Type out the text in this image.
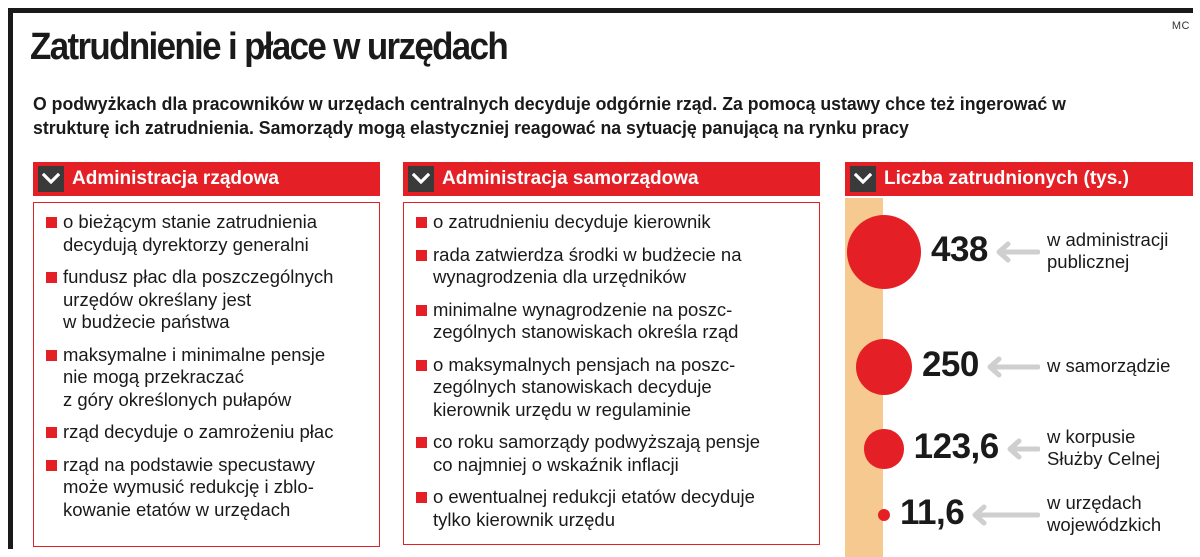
MC
Zatrudnienie i płace w urzędach

O podwyżkach dla pracowników w urzędach centralnych decyduje odgórnie rząd. Za pomocą ustawy chce też ingerować w strukturę ich zatrudnienia. Samorządy mogą elastyczniej reagować na sytuację panującą na rynku pracy

Administracja rządowa
o bieżącym stanie zatrudnienia
decydują dyrektorzy generalni
fundusz płac dla poszczególnych
urzędów określany jest
w budżecie państwa
maksymalne i minimalne pensje
nie mogą przekraczać
z góry określonych pułapów
rząd decyduje o zamrożeniu płac
rząd na podstawie specustawy
może wymusić redukcję i zblo-
kowanie etatów w urzędach
Administracja samorządowa
o zatrudnieniu decyduje kierownik
rada zatwierdza środki w budżecie na
wynagrodzenia dla urzędników
minimalne wynagrodzenie na poszc-
zególnych stanowiskach określa rząd
o maksymalnych pensjach na poszc-
zególnych stanowiskach decyduje
kierownik urzędu w regulaminie
co roku samorządy podwyższają pensje
co najmniej o wskaźnik inflacji
o ewentualnej redukcji etatów decyduje
tylko kierownik urzędu
Liczba zatrudnionych (tys.)
438	w administracji
publicznej
250	w samorządzie
123,6	w korpusie
Służby Celnej
11,6	w urzędach
wojewódzkich
